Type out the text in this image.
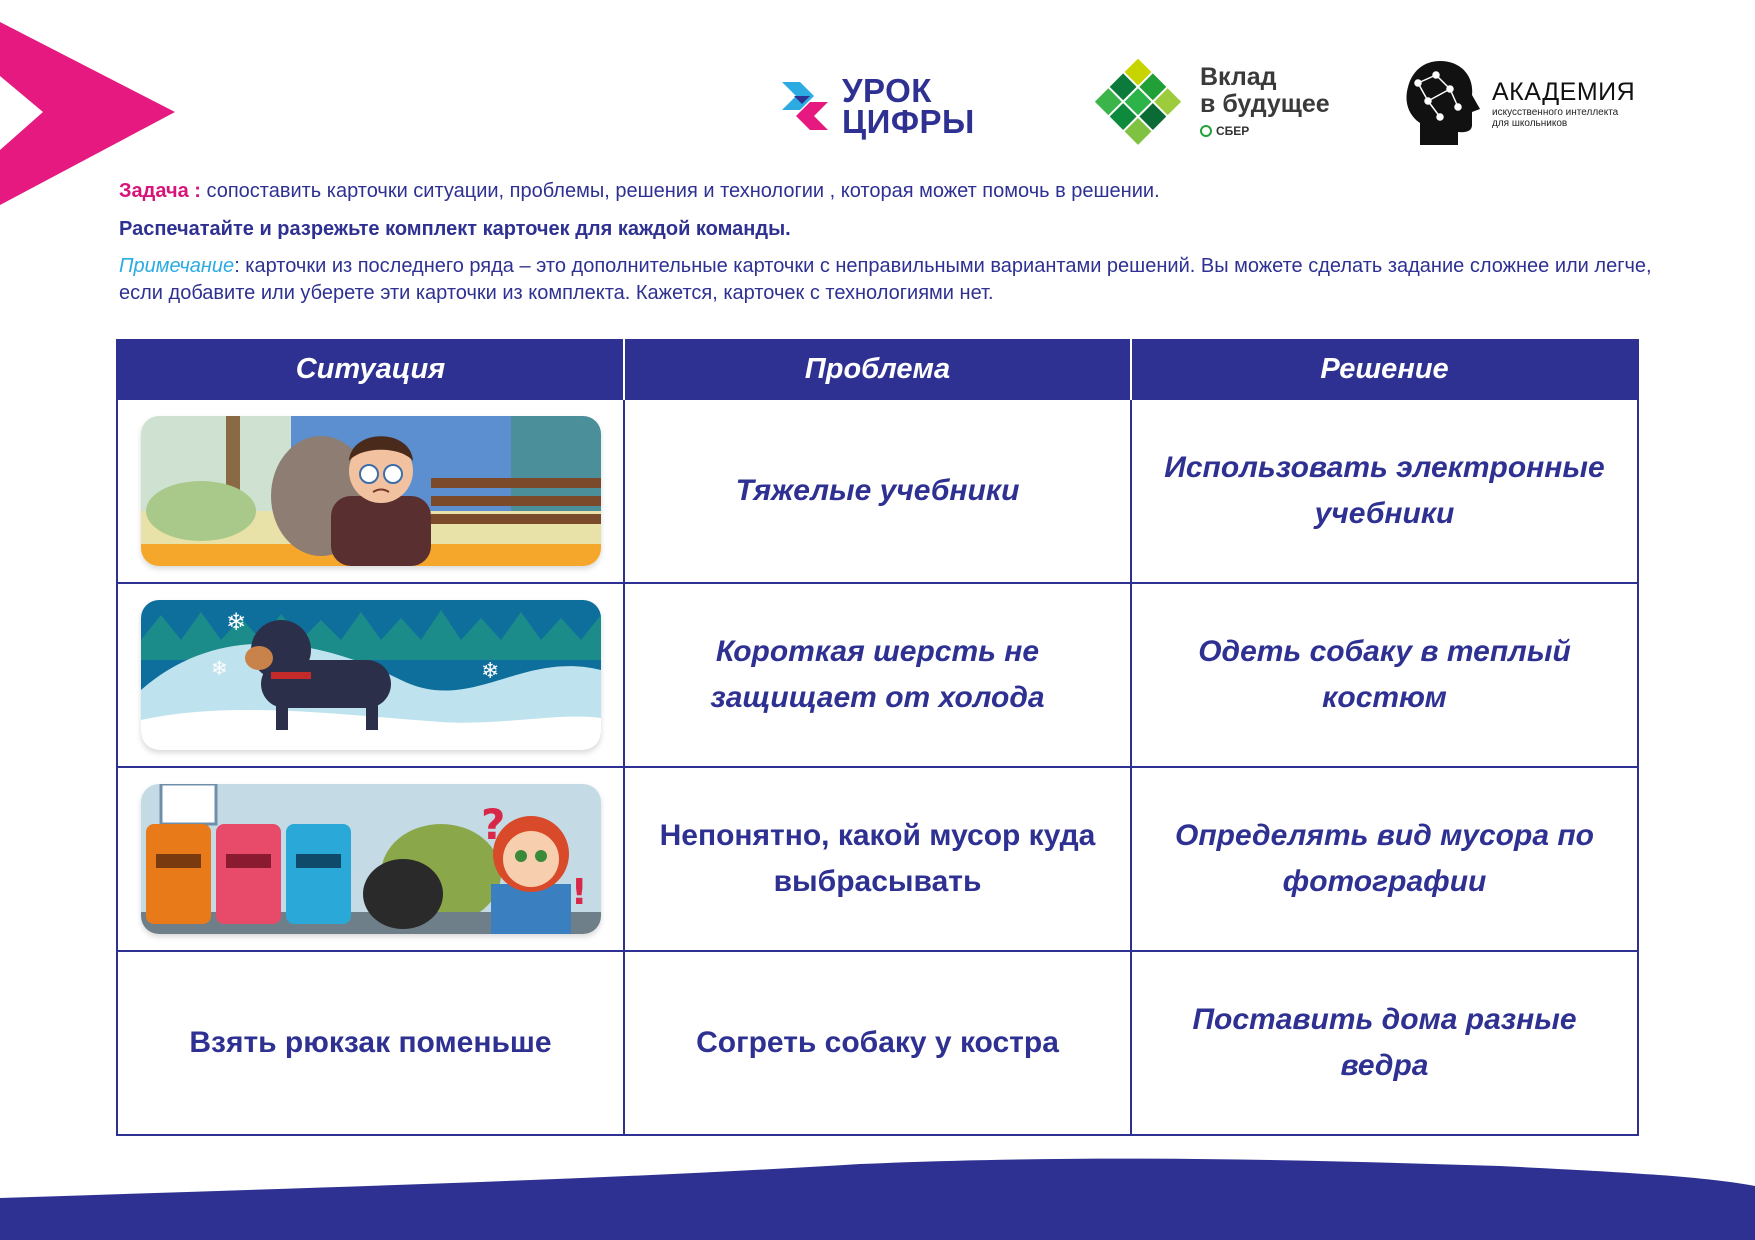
УРОК
ЦИФРЫ
Вклад
в будущее
СБЕР
АКАДЕМИЯ
искусственного интеллекта
для школьников
Задача : сопоставить карточки ситуации, проблемы, решения и технологии , которая может помочь в решении.
Распечатайте и разрежьте комплект карточек для каждой команды.
Примечание: карточки из последнего ряда – это дополнительные карточки с неправильными вариантами решений. Вы можете сделать задание сложнее или легче, если добавите или уберете эти карточки из комплекта. Кажется, карточек с технологиями нет.
Ситуация	Проблема	Решение

	Тяжелые учебники	Использовать электронные учебники

❄
❄ ❄	Короткая шерсть не защищает от холода	Одеть собаку в теплый костюм

?
!	Непонятно, какой мусор куда выбрасывать	Определять вид мусора по фотографии
Взять рюкзак поменьше	Согреть собаку у костра	Поставить дома разные ведра
